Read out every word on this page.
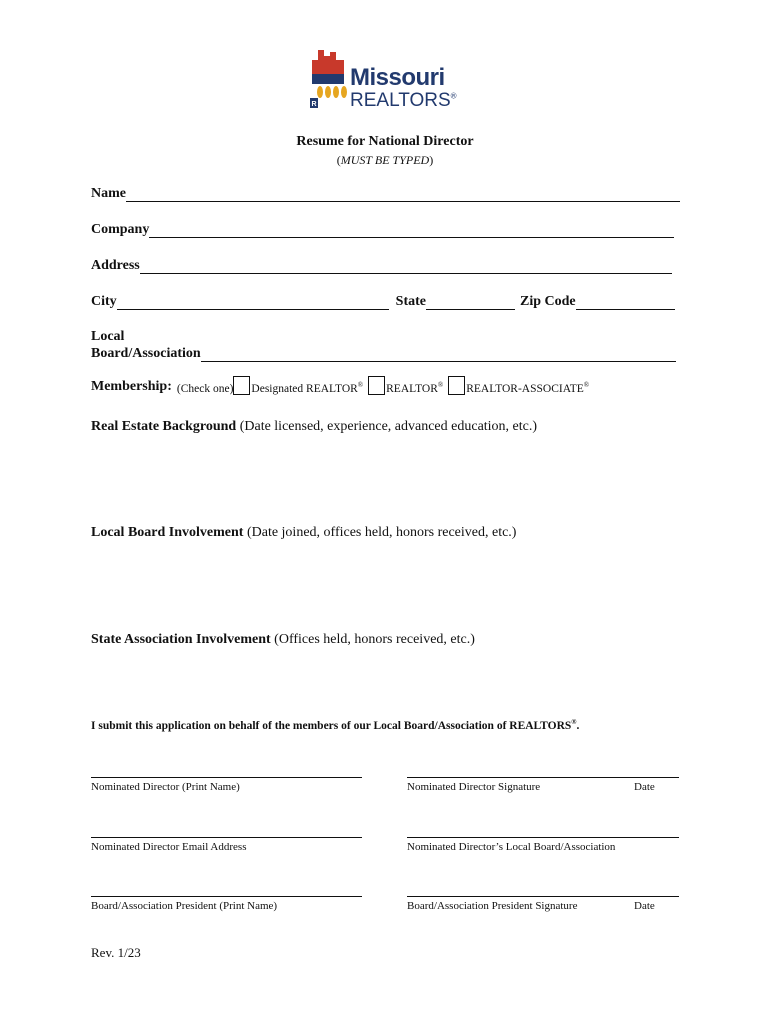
R
Missouri
REALTORS®
Resume for National Director
(MUST BE TYPED)
Name
Company
Address
City	State	Zip Code
Local
Board/Association
Membership: (Check one) Designated REALTOR® REALTOR® REALTOR-ASSOCIATE®
Real Estate Background (Date licensed, experience, advanced education, etc.)
Local Board Involvement (Date joined, offices held, honors received, etc.)
State Association Involvement (Offices held, honors received, etc.)
I submit this application on behalf of the members of our Local Board/Association of REALTORS®.
Nominated Director (Print Name)	Nominated Director Signature	Date
Nominated Director Email Address	Nominated Director’s Local Board/Association
Board/Association President (Print Name)	Board/Association President Signature	Date
Rev. 1/23
